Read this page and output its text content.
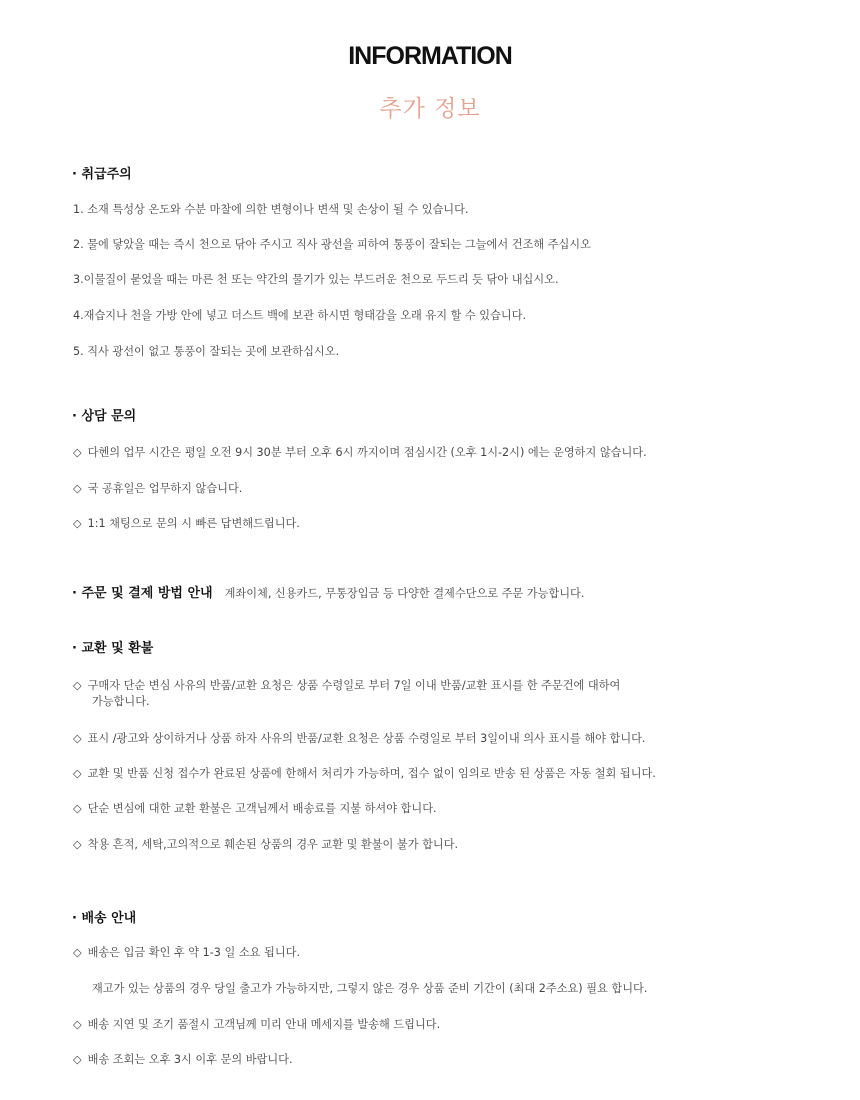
INFORMATION
추가 정보
· 취급주의
1. 소재 특성상 온도와 수분 마찰에 의한 변형이나 변색 및 손상이 될 수 있습니다.
2. 물에 닿았을 때는 즉시 천으로 닦아 주시고 직사 광선을 피하여 통풍이 잘되는 그늘에서 건조해 주십시오
3.이물질이 묻었을 때는 마른 천 또는 약간의 물기가 있는 부드러운 천으로 두드리 듯 닦아 내십시오.
4.재습지나 천을 가방 안에 넣고 더스트 백에 보관 하시면 형태감을 오래 유지 할 수 있습니다.
5. 직사 광선이 없고 통풍이 잘되는 곳에 보관하십시오.
· 상담 문의
◇ 다헨의 업무 시간은 평일 오전 9시 30분 부터 오후 6시 까지이며 점심시간 (오후 1시-2시) 에는 운영하지 않습니다.
◇ 국 공휴일은 업무하지 않습니다.
◇ 1:1 채팅으로 문의 시 빠른 답변해드립니다.
· 주문 및 결제 방법 안내 계좌이체, 신용카드, 무통장입금 등 다양한 결제수단으로 주문 가능합니다.
· 교환 및 환불
◇ 구매자 단순 변심 사유의 반품/교환 요청은 상품 수령일로 부터 7일 이내 반품/교환 표시를 한 주문건에 대하여
가능합니다.
◇ 표시 /광고와 상이하거나 상품 하자 사유의 반품/교환 요청은 상품 수령일로 부터 3일이내 의사 표시를 해야 합니다.
◇ 교환 및 반품 신청 접수가 완료된 상품에 한해서 처리가 가능하며, 접수 없이 임의로 반송 된 상품은 자동 철회 됩니다.
◇ 단순 변심에 대한 교환 환불은 고객님께서 배송료를 지불 하셔야 합니다.
◇ 착용 흔적, 세탁,고의적으로 훼손된 상품의 경우 교환 및 환불이 불가 합니다.
· 배송 안내
◇ 배송은 입금 확인 후 약 1-3 일 소요 됩니다.
재고가 있는 상품의 경우 당일 출고가 가능하지만, 그렇지 않은 경우 상품 준비 기간이 (최대 2주소요) 필요 합니다.
◇ 배송 지연 및 조기 품절시 고객님께 미리 안내 메세지를 발송해 드립니다.
◇ 배송 조회는 오후 3시 이후 문의 바랍니다.
